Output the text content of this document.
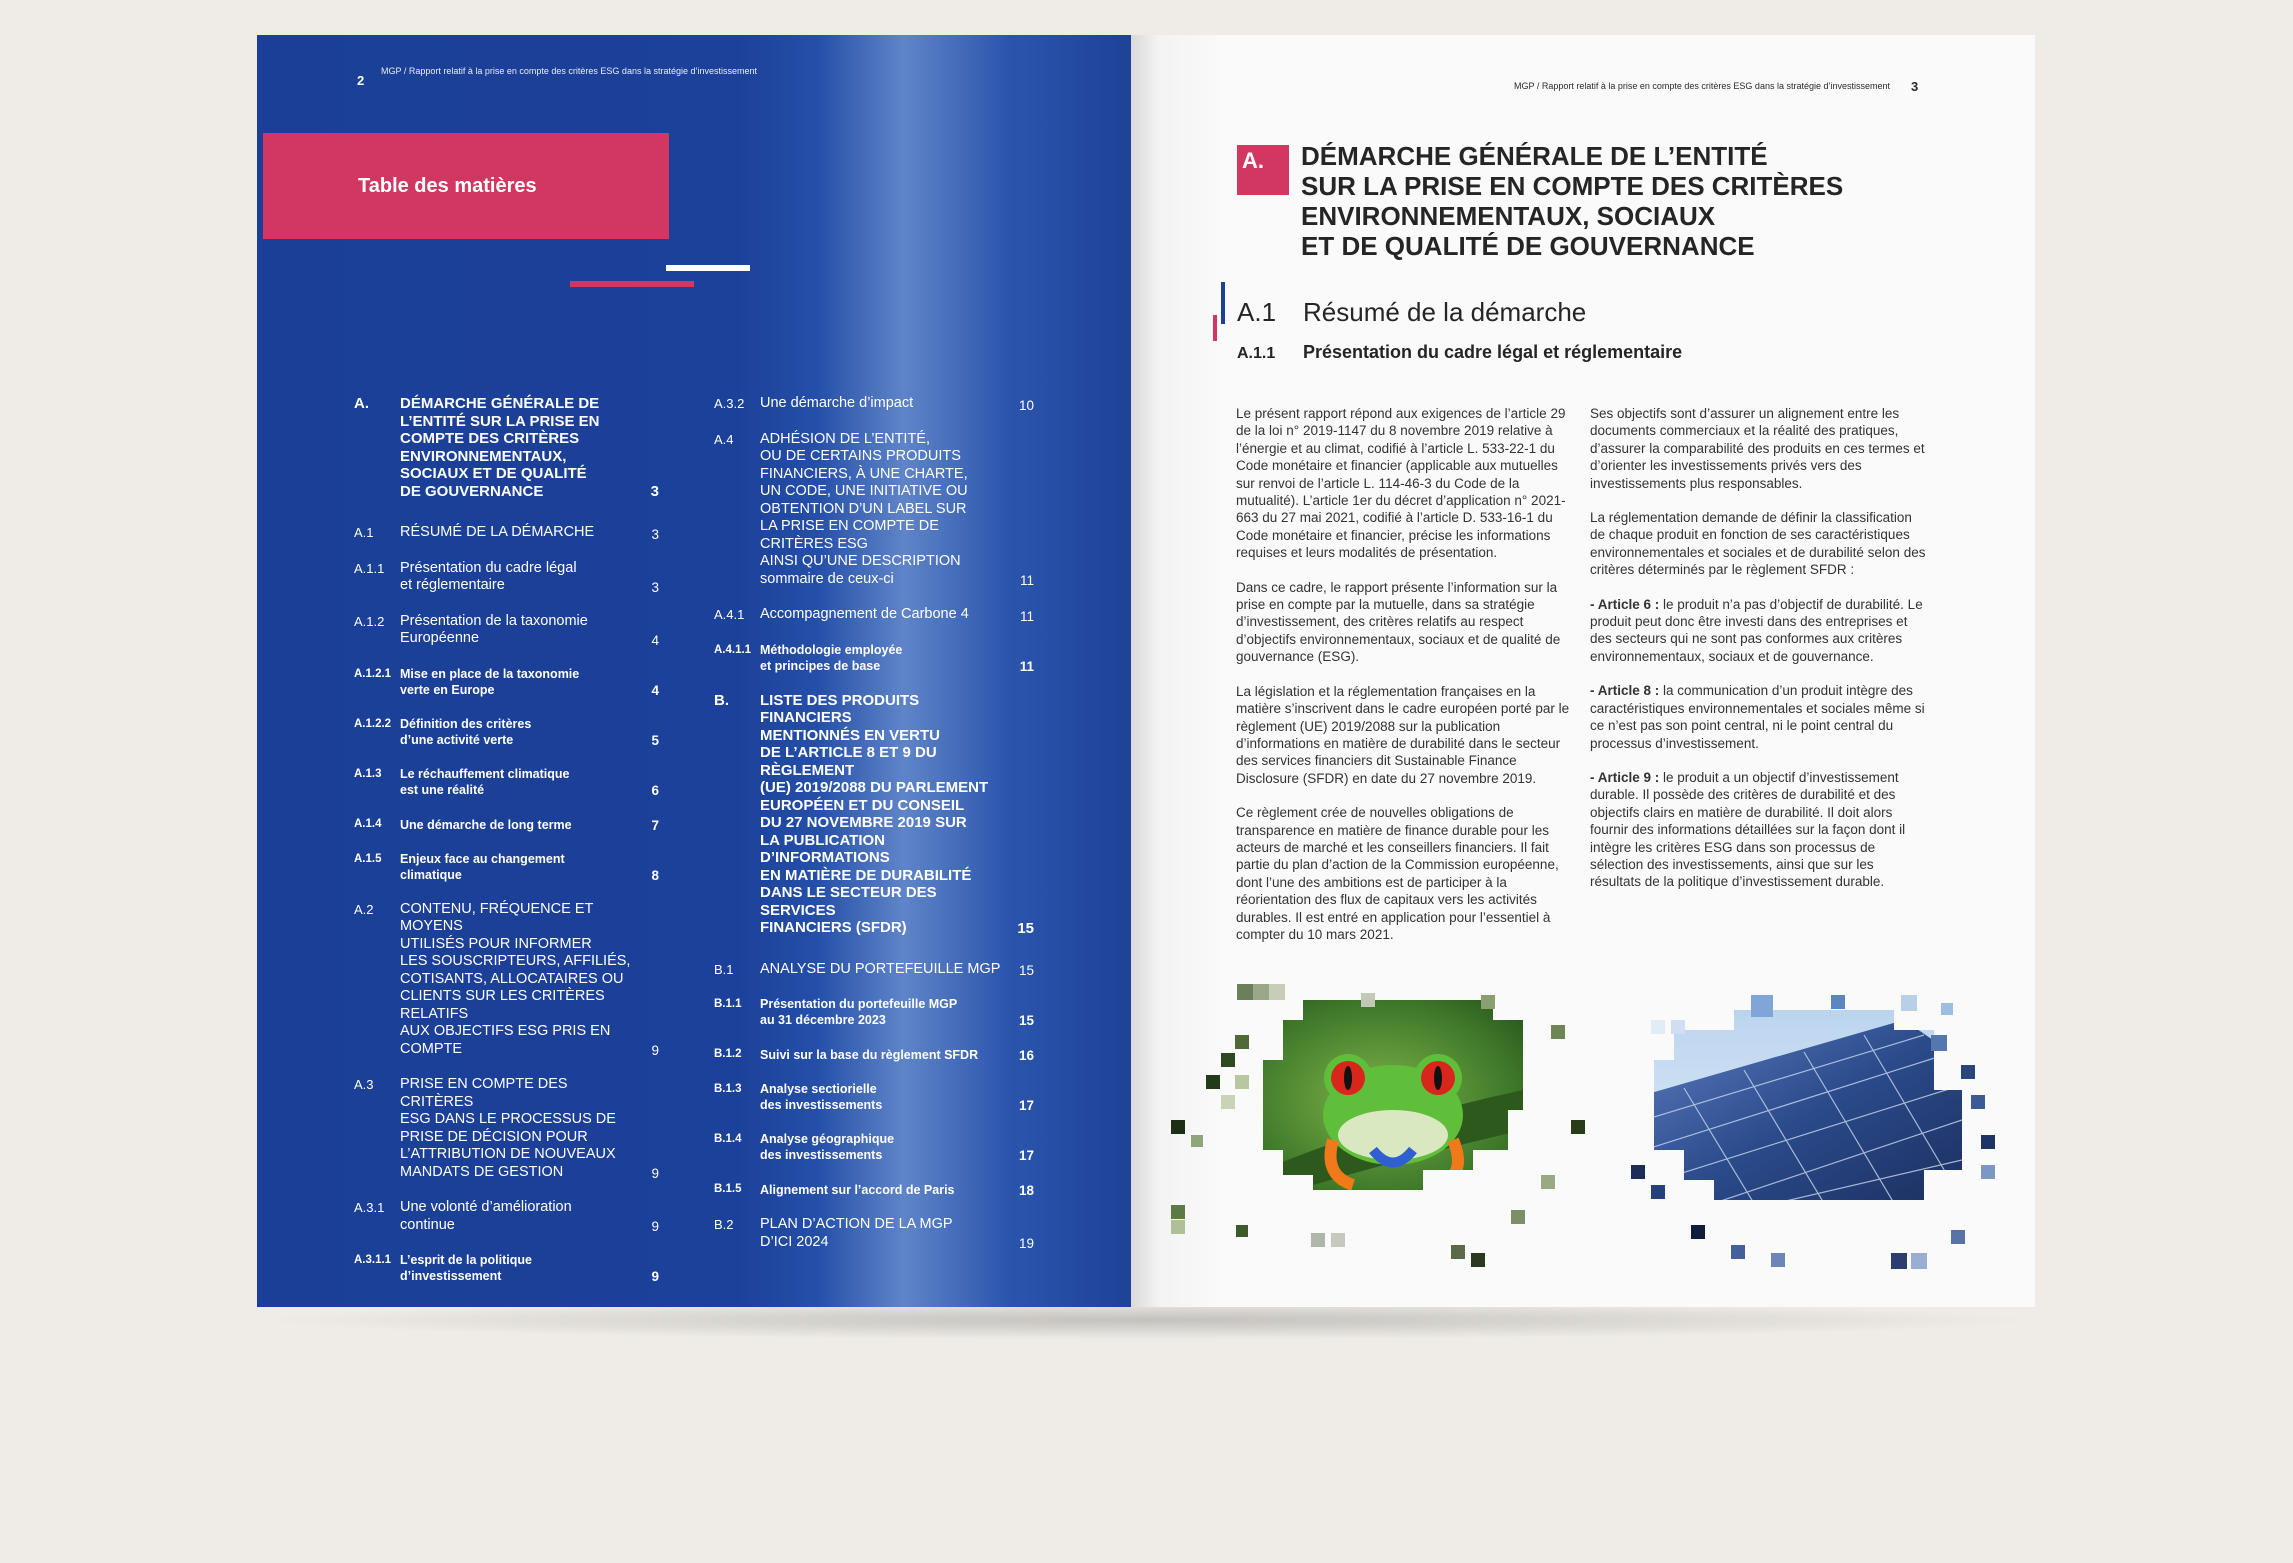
2
MGP / Rapport relatif à la prise en compte des critères ESG dans la stratégie d’investissement
Table des matières
A.	DÉMARCHE GÉNÉRALE DE
L’ENTITÉ SUR LA PRISE EN
COMPTE DES CRITÈRES
ENVIRONNEMENTAUX,
SOCIAUX ET DE QUALITÉ
DE GOUVERNANCE	3
A.1	RÉSUMÉ DE LA DÉMARCHE	3
A.1.1	Présentation du cadre légal
et réglementaire	3
A.1.2	Présentation de la taxonomie
Européenne	4
A.1.2.1 Mise en place de la taxonomie
verte en Europe	4
A.1.2.2 Définition des critères
d’une activité verte	5
A.1.3	Le réchauffement climatique
est une réalité	6
A.1.4	Une démarche de long terme	7
A.1.5	Enjeux face au changement
climatique	8
A.2	CONTENU, FRÉQUENCE ET MOYENS
UTILISÉS POUR INFORMER
LES SOUSCRIPTEURS, AFFILIÉS,
COTISANTS, ALLOCATAIRES OU
CLIENTS SUR LES CRITÈRES RELATIFS
AUX OBJECTIFS ESG PRIS EN COMPTE	9
A.3	PRISE EN COMPTE DES CRITÈRES
ESG DANS LE PROCESSUS DE
PRISE DE DÉCISION POUR
L’ATTRIBUTION DE NOUVEAUX
MANDATS DE GESTION	9
A.3.1	Une volonté d’amélioration
continue	9
A.3.1.1 L’esprit de la politique
d’investissement	9
A.3.2	Une démarche d’impact	10
A.4	ADHÉSION DE L’ENTITÉ,
OU DE CERTAINS PRODUITS
FINANCIERS, À UNE CHARTE,
UN CODE, UNE INITIATIVE OU
OBTENTION D’UN LABEL SUR
LA PRISE EN COMPTE DE CRITÈRES ESG
AINSI QU’UNE DESCRIPTION
sommaire de ceux-ci	11
A.4.1	Accompagnement de Carbone 4	11
A.4.1.1 Méthodologie employée
et principes de base	11
B.	LISTE DES PRODUITS FINANCIERS
MENTIONNÉS EN VERTU
DE L’ARTICLE 8 ET 9 DU RÈGLEMENT
(UE) 2019/2088 DU PARLEMENT
EUROPÉEN ET DU CONSEIL
DU 27 NOVEMBRE 2019 SUR
LA PUBLICATION D’INFORMATIONS
EN MATIÈRE DE DURABILITÉ
DANS LE SECTEUR DES SERVICES
FINANCIERS (SFDR)	15
B.1	ANALYSE DU PORTEFEUILLE MGP	15
B.1.1	Présentation du portefeuille MGP
au 31 décembre 2023	15
B.1.2	Suivi sur la base du règlement SFDR	16
B.1.3	Analyse sectiorielle
des investissements	17
B.1.4	Analyse géographique
des investissements	17
B.1.5	Alignement sur l’accord de Paris	18
B.2	PLAN D’ACTION DE LA MGP
D’ICI 2024	19
MGP / Rapport relatif à la prise en compte des critères ESG dans la stratégie d’investissement 3
A.	DÉMARCHE GÉNÉRALE DE L’ENTITÉ
SUR LA PRISE EN COMPTE DES CRITÈRES
ENVIRONNEMENTAUX, SOCIAUX
ET DE QUALITÉ DE GOUVERNANCE
A.1 Résumé de la démarche
A.1.1 Présentation du cadre légal et réglementaire

Le présent rapport répond aux exigences de l’article 29 de la loi n° 2019-1147 du 8 novembre 2019 relative à l’énergie et au climat, codifié à l’article L. 533-22-1 du Code monétaire et financier (applicable aux mutuelles sur renvoi de l’article L. 114-46-3 du Code de la mutualité). L’article 1er du décret d’application n° 2021-663 du 27 mai 2021, codifié à l’article D. 533-16-1 du Code monétaire et financier, précise les informations requises et leurs modalités de présentation.

Dans ce cadre, le rapport présente l’information sur la prise en compte par la mutuelle, dans sa stratégie d’investissement, des critères relatifs au respect d’objectifs environnementaux, sociaux et de qualité de gouvernance (ESG).

La législation et la réglementation françaises en la matière s’inscrivent dans le cadre européen porté par le règlement (UE) 2019/2088 sur la publication d’informations en matière de durabilité dans le secteur des services financiers dit Sustainable Finance Disclosure (SFDR) en date du 27 novembre 2019.

Ce règlement crée de nouvelles obligations de transparence en matière de finance durable pour les acteurs de marché et les conseillers financiers. Il fait partie du plan d’action de la Commission européenne, dont l’une des ambitions est de participer à la réorientation des flux de capitaux vers les activités durables. Il est entré en application pour l’essentiel à compter du 10 mars 2021.

Ses objectifs sont d’assurer un alignement entre les documents commerciaux et la réalité des pratiques, d’assurer la comparabilité des produits en ces termes et d’orienter les investissements privés vers des investissements plus responsables.

La réglementation demande de définir la classification de chaque produit en fonction de ses caractéristiques environnementales et sociales et de durabilité selon des critères déterminés par le règlement SFDR :

- Article 6 : le produit n’a pas d’objectif de durabilité. Le produit peut donc être investi dans des entreprises et des secteurs qui ne sont pas conformes aux critères environnementaux, sociaux et de gouvernance.

- Article 8 : la communication d’un produit intègre des caractéristiques environnementales et sociales même si ce n’est pas son point central, ni le point central du processus d’investissement.

- Article 9 : le produit a un objectif d’investissement durable. Il possède des critères de durabilité et des objectifs clairs en matière de durabilité. Il doit alors fournir des informations détaillées sur la façon dont il intègre les critères ESG dans son processus de sélection des investissements, ainsi que sur les résultats de la politique d’investissement durable.
